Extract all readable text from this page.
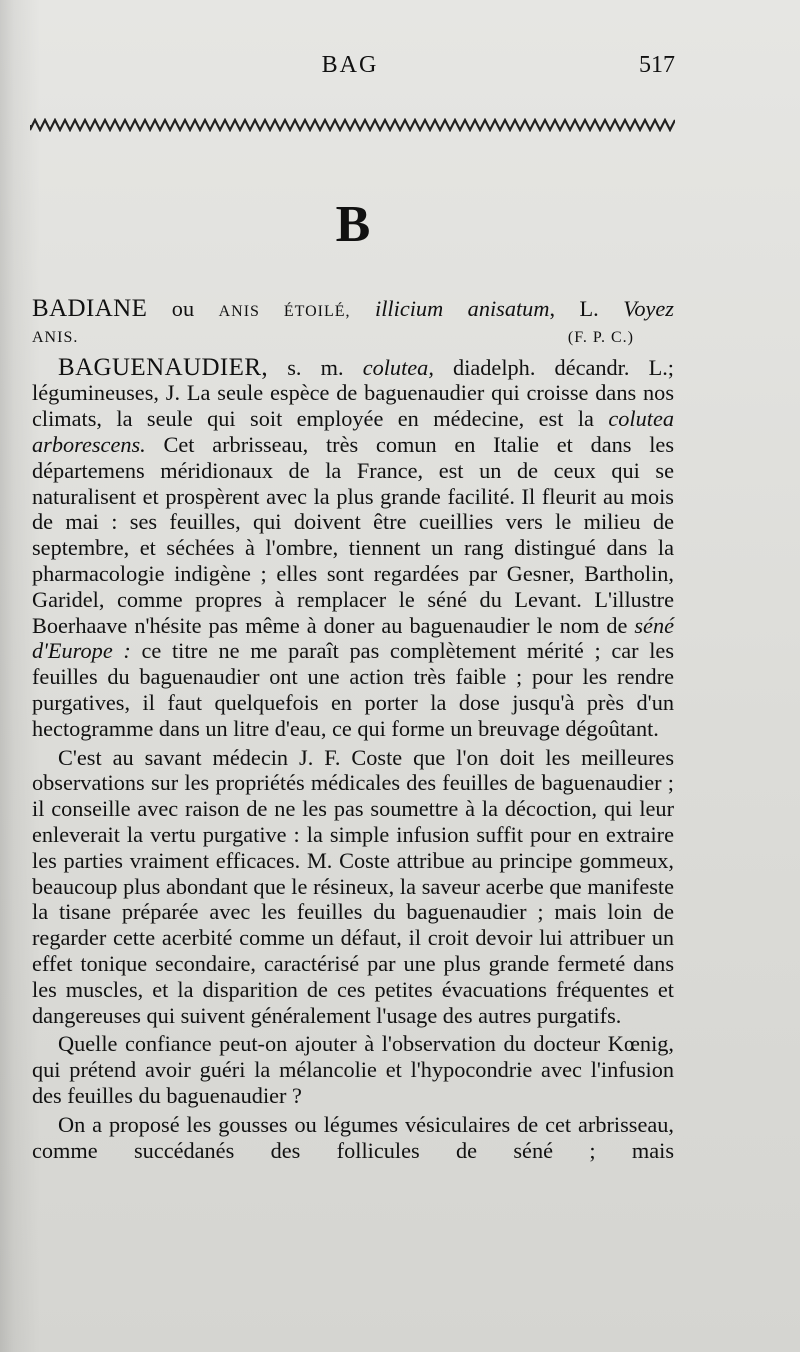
BAG	517
B
BADIANE ou ANIS ÉTOILÉ, illicium anisatum, L. Voyez
ANIS.	(F. P. C.)

BAGUENAUDIER, s. m. colutea, diadelph. décandr. L.; légumineuses, J. La seule espèce de baguenaudier qui croisse dans nos climats, la seule qui soit employée en médecine, est la colutea arborescens. Cet arbrisseau, très comun en Italie et dans les départemens méridionaux de la France, est un de ceux qui se naturalisent et prospèrent avec la plus grande facilité. Il fleurit au mois de mai : ses feuilles, qui doivent être cueillies vers le milieu de septembre, et séchées à l'ombre, tiennent un rang distingué dans la pharmacologie indigène ; elles sont regardées par Gesner, Bartholin, Garidel, comme propres à remplacer le séné du Levant. L'illustre Boerhaave n'hésite pas même à doner au baguenaudier le nom de séné d'Europe : ce titre ne me paraît pas complètement mérité ; car les feuilles du baguenaudier ont une action très faible ; pour les rendre purgatives, il faut quelquefois en porter la dose jusqu'à près d'un hectogramme dans un litre d'eau, ce qui forme un breuvage dégoûtant.

C'est au savant médecin J. F. Coste que l'on doit les meilleures observations sur les propriétés médicales des feuilles de baguenaudier ; il conseille avec raison de ne les pas soumettre à la décoction, qui leur enleverait la vertu purgative : la simple infusion suffit pour en extraire les parties vraiment efficaces. M. Coste attribue au principe gommeux, beaucoup plus abondant que le résineux, la saveur acerbe que manifeste la tisane préparée avec les feuilles du baguenaudier ; mais loin de regarder cette acerbité comme un défaut, il croit devoir lui attribuer un effet tonique secondaire, caractérisé par une plus grande fermeté dans les muscles, et la disparition de ces petites évacuations fréquentes et dangereuses qui suivent généralement l'usage des autres purgatifs.

Quelle confiance peut-on ajouter à l'observation du docteur Kœnig, qui prétend avoir guéri la mélancolie et l'hypocondrie avec l'infusion des feuilles du baguenaudier ?

On a proposé les gousses ou légumes vésiculaires de cet arbrisseau, comme succédanés des follicules de séné ; mais
